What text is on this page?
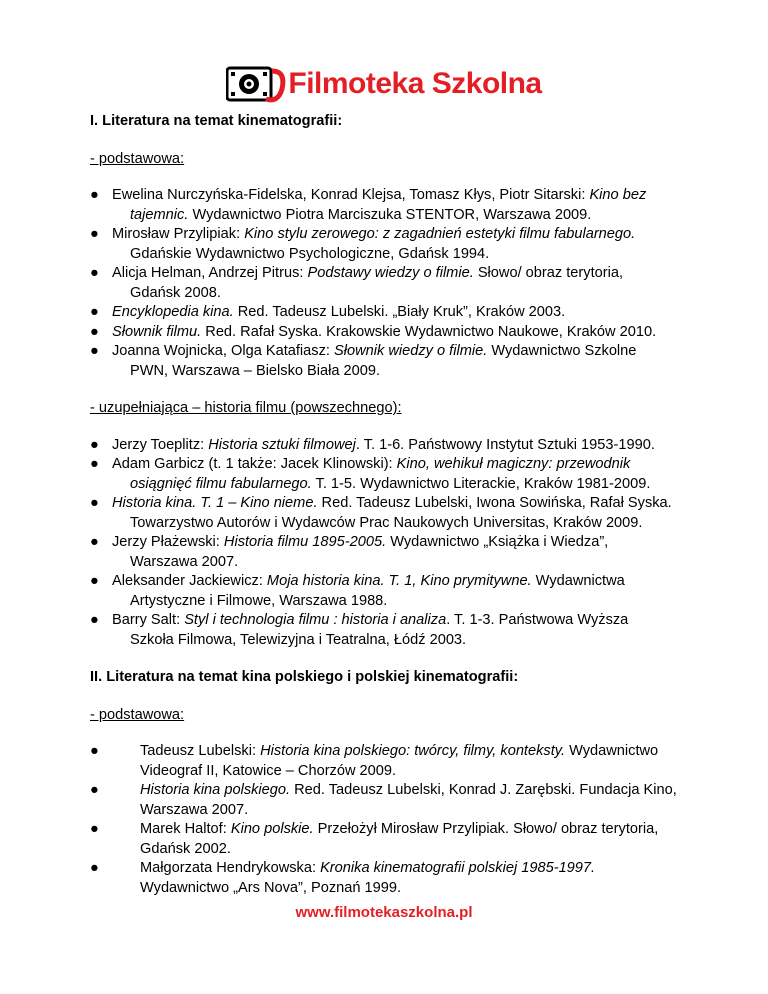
Filmoteka Szkolna
I. Literatura na temat kinematografii:
- podstawowa:
● Ewelina Nurczyńska-Fidelska, Konrad Klejsa, Tomasz Kłys, Piotr Sitarski: Kino bez
tajemnic. Wydawnictwo Piotra Marciszuka STENTOR, Warszawa 2009.
● Mirosław Przylipiak: Kino stylu zerowego: z zagadnień estetyki filmu fabularnego.
Gdańskie Wydawnictwo Psychologiczne, Gdańsk 1994.
● Alicja Helman, Andrzej Pitrus: Podstawy wiedzy o filmie. Słowo/ obraz terytoria,
Gdańsk 2008.
● Encyklopedia kina. Red. Tadeusz Lubelski. „Biały Kruk”, Kraków 2003.
● Słownik filmu. Red. Rafał Syska. Krakowskie Wydawnictwo Naukowe, Kraków 2010.
● Joanna Wojnicka, Olga Katafiasz: Słownik wiedzy o filmie. Wydawnictwo Szkolne
PWN, Warszawa – Bielsko Biała 2009.
- uzupełniająca – historia filmu (powszechnego):
● Jerzy Toeplitz: Historia sztuki filmowej. T. 1-6. Państwowy Instytut Sztuki 1953-1990.
● Adam Garbicz (t. 1 także: Jacek Klinowski): Kino, wehikuł magiczny: przewodnik
osiągnięć filmu fabularnego. T. 1-5. Wydawnictwo Literackie, Kraków 1981-2009.
● Historia kina. T. 1 – Kino nieme. Red. Tadeusz Lubelski, Iwona Sowińska, Rafał Syska.
Towarzystwo Autorów i Wydawców Prac Naukowych Universitas, Kraków 2009.
● Jerzy Płażewski: Historia filmu 1895-2005. Wydawnictwo „Książka i Wiedza”,
Warszawa 2007.
● Aleksander Jackiewicz: Moja historia kina. T. 1, Kino prymitywne. Wydawnictwa
Artystyczne i Filmowe, Warszawa 1988.
● Barry Salt: Styl i technologia filmu : historia i analiza. T. 1-3. Państwowa Wyższa
Szkoła Filmowa, Telewizyjna i Teatralna, Łódź 2003.
II. Literatura na temat kina polskiego i polskiej kinematografii:
- podstawowa:
●	Tadeusz Lubelski: Historia kina polskiego: twórcy, filmy, konteksty. Wydawnictwo
Videograf II, Katowice – Chorzów 2009.
●	Historia kina polskiego. Red. Tadeusz Lubelski, Konrad J. Zarębski. Fundacja Kino,
Warszawa 2007.
●	Marek Haltof: Kino polskie. Przełożył Mirosław Przylipiak. Słowo/ obraz terytoria,
Gdańsk 2002.
●	Małgorzata Hendrykowska: Kronika kinematografii polskiej 1985-1997.
Wydawnictwo „Ars Nova”, Poznań 1999.
www.filmotekaszkolna.pl
